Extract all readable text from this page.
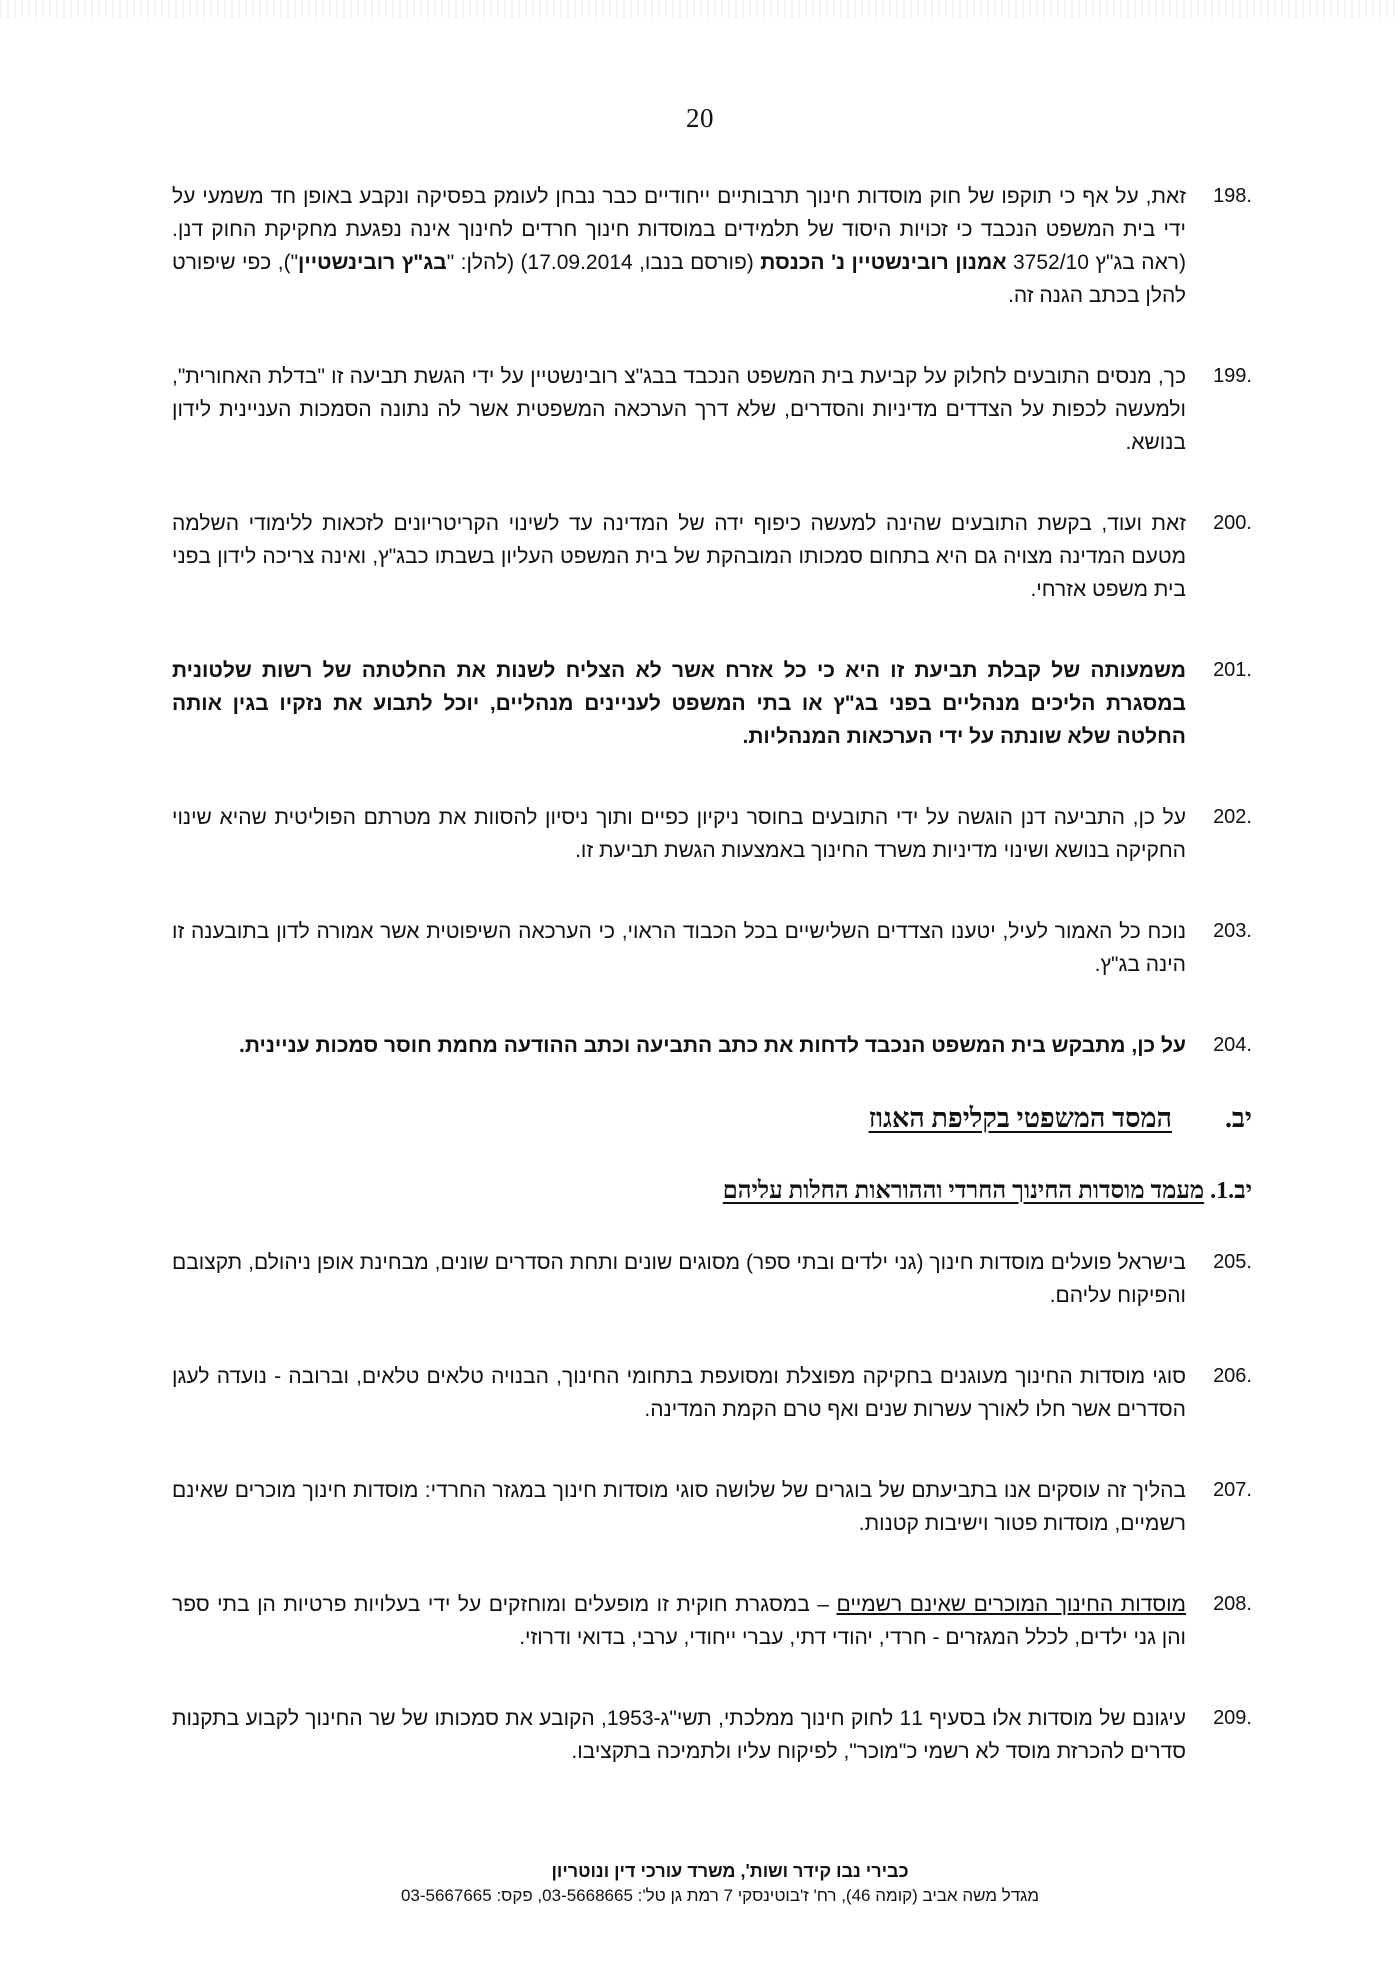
20
198.
זאת, על אף כי תוקפו של חוק מוסדות חינוך תרבותיים ייחודיים כבר נבחן לעומק בפסיקה ונקבע באופן חד משמעי על ידי בית המשפט הנכבד כי זכויות היסוד של תלמידים במוסדות חינוך חרדים לחינוך אינה נפגעת מחקיקת החוק דנן. (ראה בג"ץ 3752/10 אמנון רובינשטיין נ' הכנסת (פורסם בנבו, 17.09.2014) (להלן: "בג"ץ רובינשטיין"), כפי שיפורט להלן בכתב הגנה זה.
199.
כך, מנסים התובעים לחלוק על קביעת בית המשפט הנכבד בבג"צ רובינשטיין על ידי הגשת תביעה זו "בדלת האחורית", ולמעשה לכפות על הצדדים מדיניות והסדרים, שלא דרך הערכאה המשפטית אשר לה נתונה הסמכות העניינית לידון בנושא.
200.
זאת ועוד, בקשת התובעים שהינה למעשה כיפוף ידה של המדינה עד לשינוי הקריטריונים לזכאות ללימודי השלמה מטעם המדינה מצויה גם היא בתחום סמכותו המובהקת של בית המשפט העליון בשבתו כבג"ץ, ואינה צריכה לידון בפני בית משפט אזרחי.
201.
משמעותה של קבלת תביעת זו היא כי כל אזרח אשר לא הצליח לשנות את החלטתה של רשות שלטונית במסגרת הליכים מנהליים בפני בג"ץ או בתי המשפט לעניינים מנהליים, יוכל לתבוע את נזקיו בגין אותה החלטה שלא שונתה על ידי הערכאות המנהליות.
202.
על כן, התביעה דנן הוגשה על ידי התובעים בחוסר ניקיון כפיים ותוך ניסיון להסוות את מטרתם הפוליטית שהיא שינוי החקיקה בנושא ושינוי מדיניות משרד החינוך באמצעות הגשת תביעת זו.
203.
נוכח כל האמור לעיל, יטענו הצדדים השלישיים בכל הכבוד הראוי, כי הערכאה השיפוטית אשר אמורה לדון בתובענה זו הינה בג"ץ.
204.
על כן, מתבקש בית המשפט הנכבד לדחות את כתב התביעה וכתב ההודעה מחמת חוסר סמכות עניינית.
יב.
המסד המשפטי בקליפת האגוז
יב.1.
מעמד מוסדות החינוך החרדי וההוראות החלות עליהם
205.
בישראל פועלים מוסדות חינוך (גני ילדים ובתי ספר) מסוגים שונים ותחת הסדרים שונים, מבחינת אופן ניהולם, תקצובם והפיקוח עליהם.
206.
סוגי מוסדות החינוך מעוגנים בחקיקה מפוצלת ומסועפת בתחומי החינוך, הבנויה טלאים טלאים, וברובה - נועדה לעגן הסדרים אשר חלו לאורך עשרות שנים ואף טרם הקמת המדינה.
207.
בהליך זה עוסקים אנו בתביעתם של בוגרים של שלושה סוגי מוסדות חינוך במגזר החרדי: מוסדות חינוך מוכרים שאינם רשמיים, מוסדות פטור וישיבות קטנות.
208.
מוסדות החינוך המוכרים שאינם רשמיים – במסגרת חוקית זו מופעלים ומוחזקים על ידי בעלויות פרטיות הן בתי ספר והן גני ילדים, לכלל המגזרים - חרדי, יהודי דתי, עברי ייחודי, ערבי, בדואי ודרוזי.
209.
עיגונם של מוסדות אלו בסעיף 11 לחוק חינוך ממלכתי, תשי"ג-1953, הקובע את סמכותו של שר החינוך לקבוע בתקנות סדרים להכרזת מוסד לא רשמי כ"מוכר", לפיקוח עליו ולתמיכה בתקציבו.
כבירי נבו קידר ושות', משרד עורכי דין ונוטריון
מגדל משה אביב (קומה 46), רח' ז'בוטינסקי 7 רמת גן טל': 03-5668665, פקס: 03-5667665
